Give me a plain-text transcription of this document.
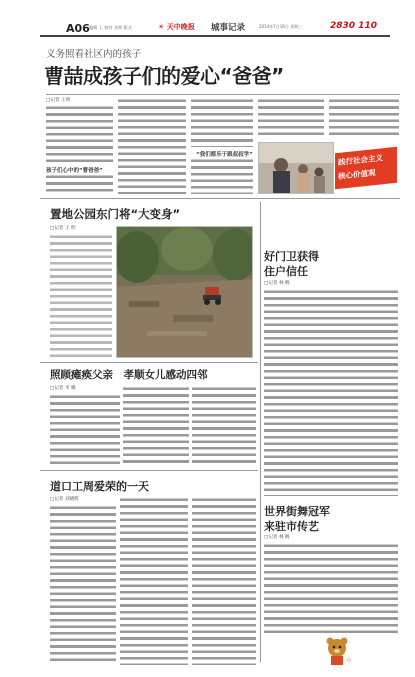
A06 编辑 王 校对 刘梓 版式	☀ 天中晚报	城事记录	2014年7月16日 星期三	2830 110
义务照看社区内的孩子
曹喆成孩子们的爱心“爸爸”
□记者 王明
孩子们心中的“曹爸爸”
“我们都乐于跟叔叔学”	践行社会主义
核心价值观
置地公园东门将“大变身”
□记者 王 明
好门卫获得
住户信任
□记者 林 帆
世界街舞冠军
来驻市传艺
□记者 林 帆
☆
照顾瘫痪父亲　孝顺女儿感动四邻
□记者 李 娜
道口工周爱荣的一天
□记者 刘晓辉
